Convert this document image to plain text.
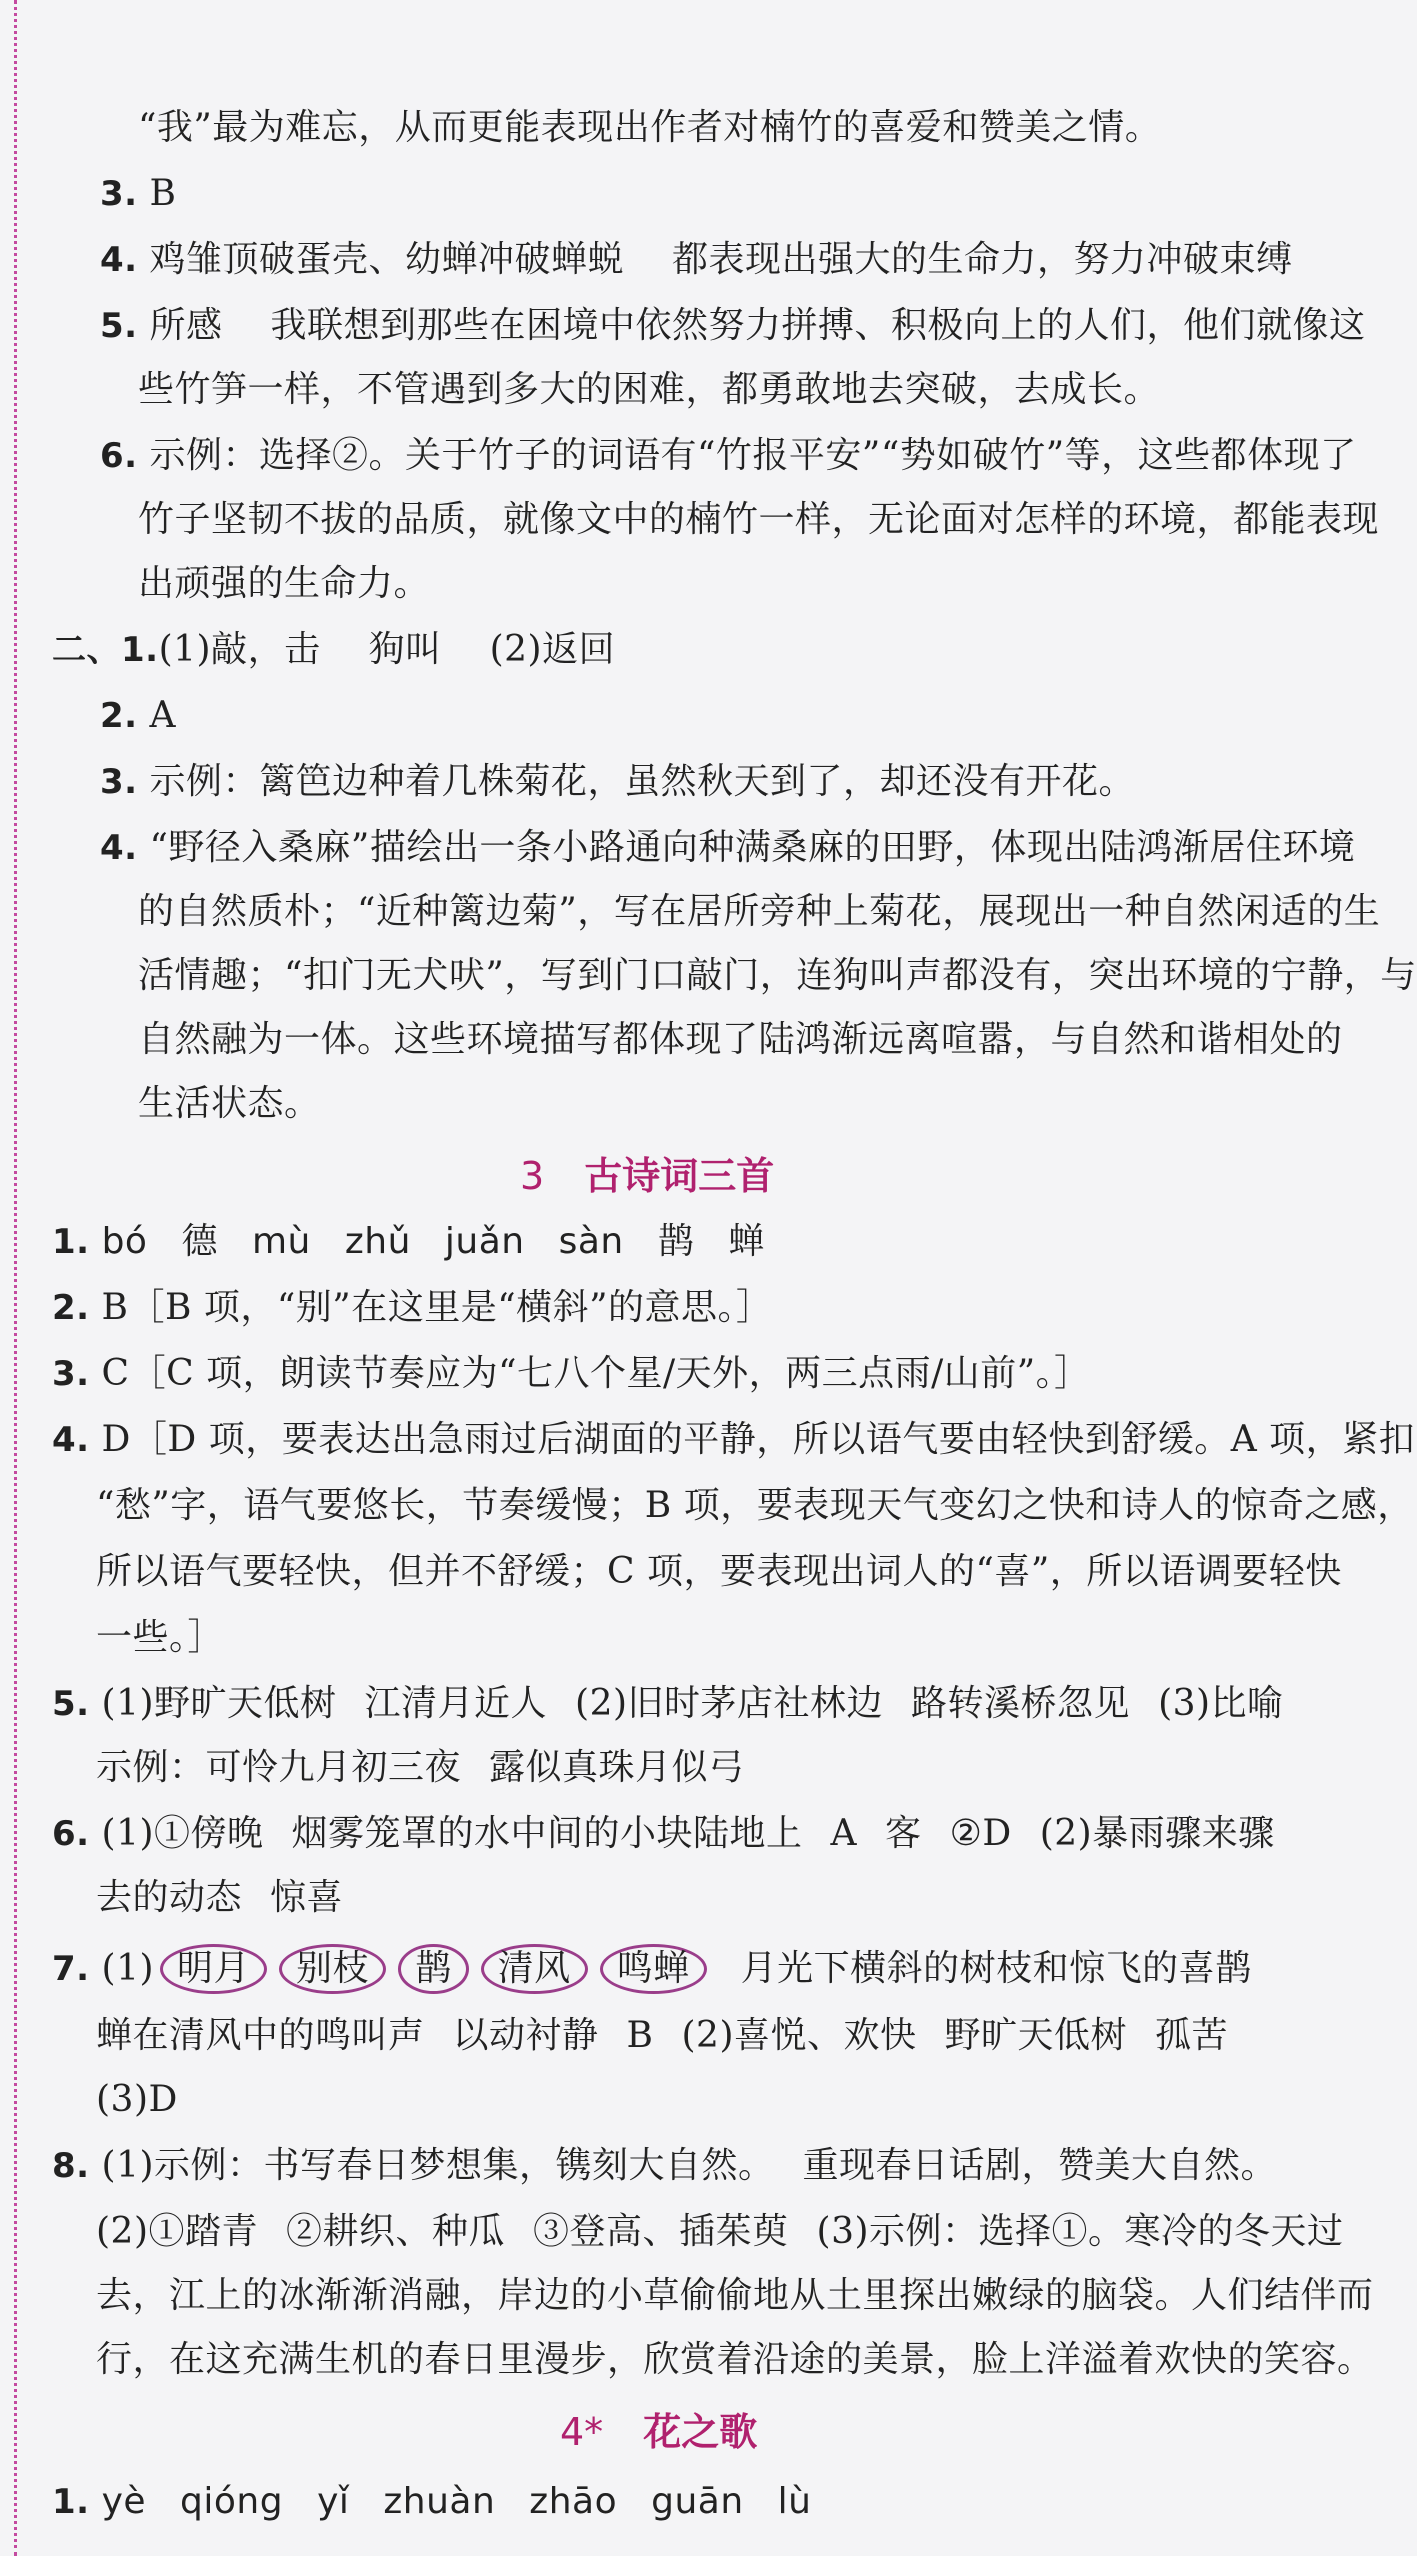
“我”最为难忘，从而更能表现出作者对楠竹的喜爱和赞美之情。
3. B
4. 鸡雏顶破蛋壳、幼蝉冲破蝉蜕 都表现出强大的生命力，努力冲破束缚
5. 所感 我联想到那些在困境中依然努力拼搏、积极向上的人们，他们就像这
些竹笋一样，不管遇到多大的困难，都勇敢地去突破，去成长。
6. 示例：选择②。关于竹子的词语有“竹报平安”“势如破竹”等，这些都体现了
竹子坚韧不拔的品质，就像文中的楠竹一样，无论面对怎样的环境，都能表现
出顽强的生命力。
二、1.(1)敲，击 狗叫 (2)返回
2. A
3. 示例：篱笆边种着几株菊花，虽然秋天到了，却还没有开花。
4. “野径入桑麻”描绘出一条小路通向种满桑麻的田野，体现出陆鸿渐居住环境
的自然质朴；“近种篱边菊”，写在居所旁种上菊花，展现出一种自然闲适的生
活情趣；“扣门无犬吠”，写到门口敲门，连狗叫声都没有，突出环境的宁静，与
自然融为一体。这些环境描写都体现了陆鸿渐远离喧嚣，与自然和谐相处的
生活状态。
3 古诗词三首
1. bó 德 mù zhǔ juǎn sàn 鹊 蝉
2. B［B 项，“别”在这里是“横斜”的意思。］
3. C［C 项，朗读节奏应为“七八个星/天外，两三点雨/山前”。］
4. D［D 项，要表达出急雨过后湖面的平静，所以语气要由轻快到舒缓。A 项，紧扣
“愁”字，语气要悠长，节奏缓慢；B 项，要表现天气变幻之快和诗人的惊奇之感，
所以语气要轻快，但并不舒缓；C 项，要表现出词人的“喜”，所以语调要轻快
一些。］
5. (1)野旷天低树 江清月近人 (2)旧时茅店社林边 路转溪桥忽见 (3)比喻
示例：可怜九月初三夜 露似真珠月似弓
6. (1)①傍晚 烟雾笼罩的水中间的小块陆地上 A 客 ②D (2)暴雨骤来骤
去的动态 惊喜
7. (1) 明月 别枝 鹊 清风 鸣蝉 月光下横斜的树枝和惊飞的喜鹊
蝉在清风中的鸣叫声 以动衬静 B (2)喜悦、欢快 野旷天低树 孤苦
(3)D
8. (1)示例：书写春日梦想集，镌刻大自然。 重现春日话剧，赞美大自然。
(2)①踏青 ②耕织、种瓜 ③登高、插茱萸 (3)示例：选择①。寒冷的冬天过
去，江上的冰渐渐消融，岸边的小草偷偷地从土里探出嫩绿的脑袋。人们结伴而
行，在这充满生机的春日里漫步，欣赏着沿途的美景，脸上洋溢着欢快的笑容。
4* 花之歌
1. yè qióng yǐ zhuàn zhāo guān lù
